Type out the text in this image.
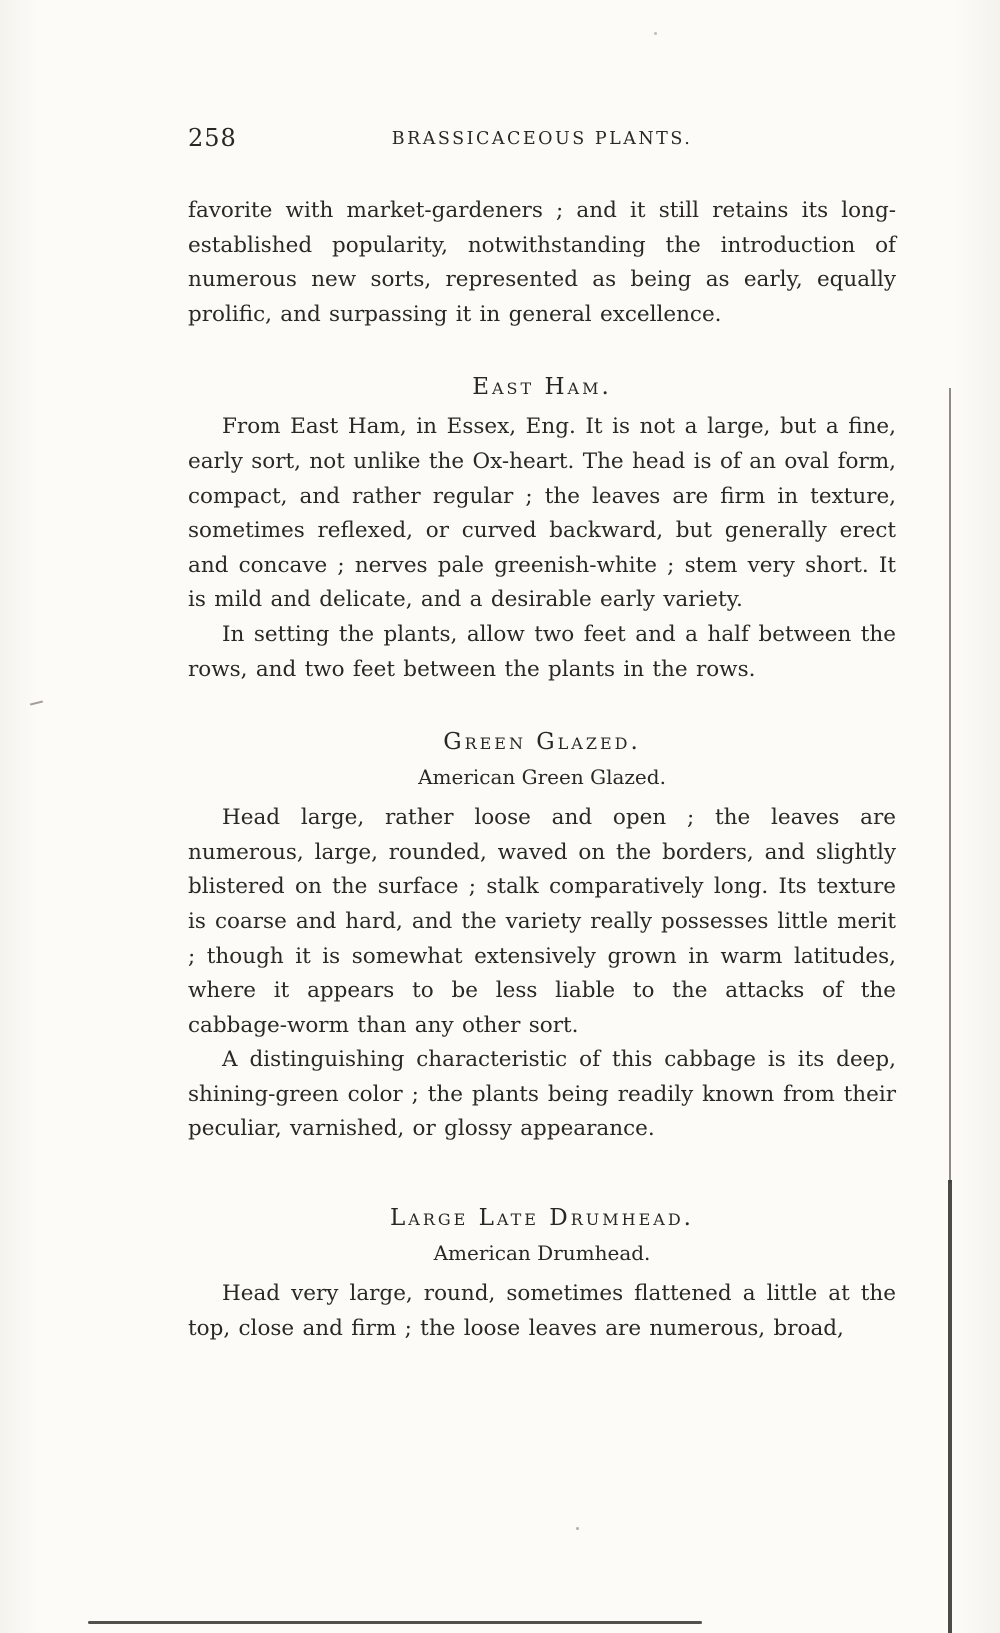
258	BRASSICACEOUS PLANTS.

favorite with market-gardeners ; and it still retains its long-established popularity, notwithstanding the introduction of numerous new sorts, represented as being as early, equally prolific, and surpassing it in general excellence.

East Ham.

From East Ham, in Essex, Eng. It is not a large, but a fine, early sort, not unlike the Ox-heart. The head is of an oval form, compact, and rather regular ; the leaves are firm in texture, sometimes reflexed, or curved backward, but generally erect and concave ; nerves pale greenish-white ; stem very short. It is mild and delicate, and a desirable early variety.

In setting the plants, allow two feet and a half between the rows, and two feet between the plants in the rows.

Green Glazed.
American Green Glazed.

Head large, rather loose and open ; the leaves are numerous, large, rounded, waved on the borders, and slightly blistered on the surface ; stalk comparatively long. Its texture is coarse and hard, and the variety really possesses little merit ; though it is somewhat extensively grown in warm latitudes, where it appears to be less liable to the attacks of the cabbage-worm than any other sort.

A distinguishing characteristic of this cabbage is its deep, shining-green color ; the plants being readily known from their peculiar, varnished, or glossy appearance.

Large Late Drumhead.
American Drumhead.

Head very large, round, sometimes flattened a little at the top, close and firm ; the loose leaves are numerous, broad,
